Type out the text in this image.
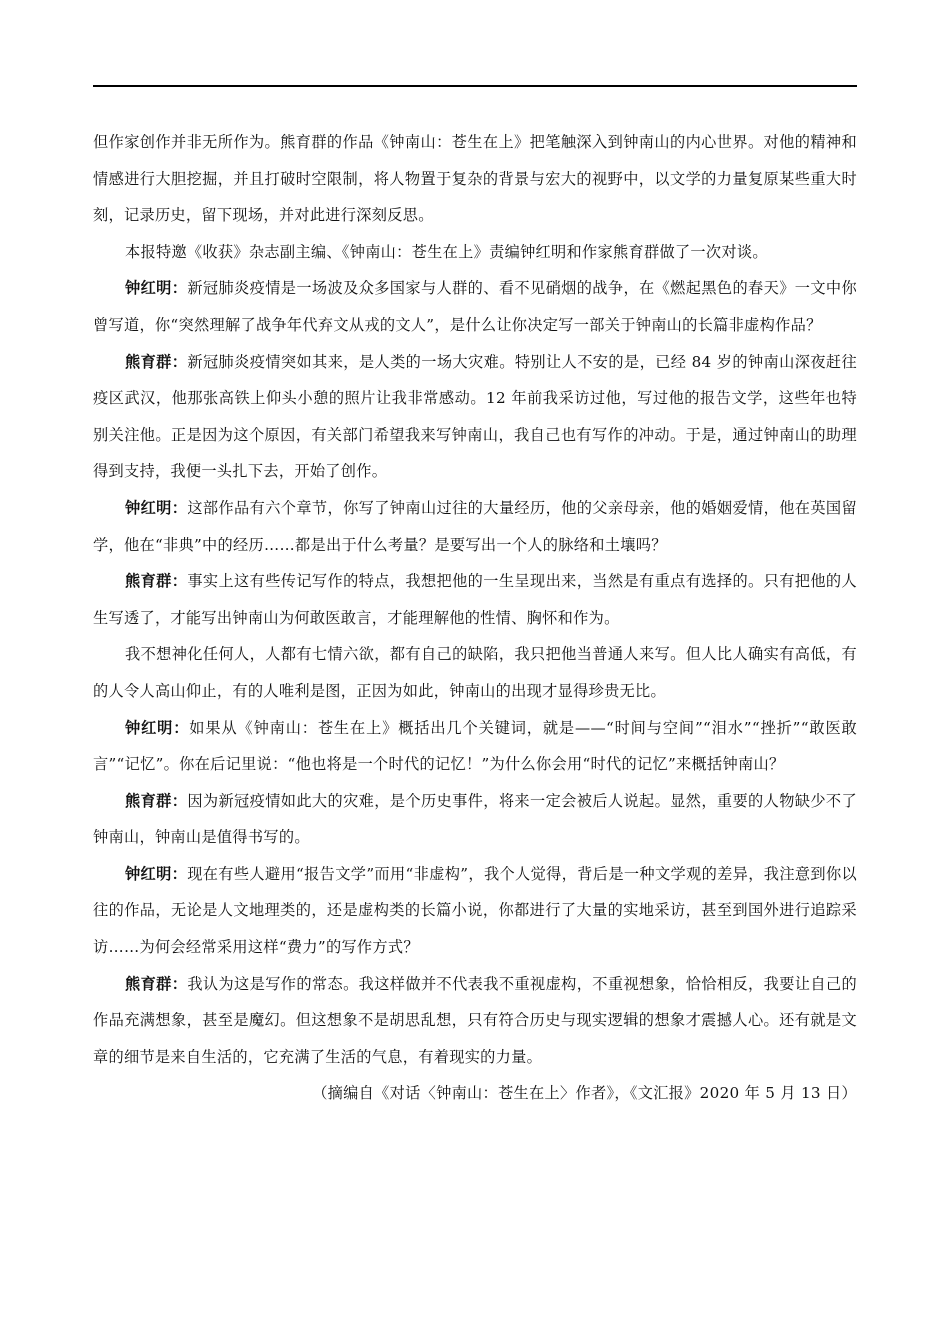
但作家创作并非无所作为。熊育群的作品《钟南山：苍生在上》把笔触深入到钟南山的内心世界。对他的精神和情感进行大胆挖掘，并且打破时空限制，将人物置于复杂的背景与宏大的视野中，以文学的力量复原某些重大时刻，记录历史，留下现场，并对此进行深刻反思。

本报特邀《收获》杂志副主编、《钟南山：苍生在上》责编钟红明和作家熊育群做了一次对谈。

钟红明：新冠肺炎疫情是一场波及众多国家与人群的、看不见硝烟的战争，在《燃起黑色的春天》一文中你曾写道，你“突然理解了战争年代弃文从戎的文人”，是什么让你决定写一部关于钟南山的长篇非虚构作品？

熊育群：新冠肺炎疫情突如其来，是人类的一场大灾难。特别让人不安的是，已经 84 岁的钟南山深夜赶往疫区武汉，他那张高铁上仰头小憩的照片让我非常感动。12 年前我采访过他，写过他的报告文学，这些年也特别关注他。正是因为这个原因，有关部门希望我来写钟南山，我自己也有写作的冲动。于是，通过钟南山的助理得到支持，我便一头扎下去，开始了创作。

钟红明：这部作品有六个章节，你写了钟南山过往的大量经历，他的父亲母亲，他的婚姻爱情，他在英国留学，他在“非典”中的经历……都是出于什么考量？是要写出一个人的脉络和土壤吗？

熊育群：事实上这有些传记写作的特点，我想把他的一生呈现出来，当然是有重点有选择的。只有把他的人生写透了，才能写出钟南山为何敢医敢言，才能理解他的性情、胸怀和作为。

我不想神化任何人，人都有七情六欲，都有自己的缺陷，我只把他当普通人来写。但人比人确实有高低，有的人令人高山仰止，有的人唯利是图，正因为如此，钟南山的出现才显得珍贵无比。

钟红明：如果从《钟南山：苍生在上》概括出几个关键词，就是——“时间与空间”“泪水”“挫折”“敢医敢言”“记忆”。你在后记里说：“他也将是一个时代的记忆！”为什么你会用“时代的记忆”来概括钟南山？

熊育群：因为新冠疫情如此大的灾难，是个历史事件，将来一定会被后人说起。显然，重要的人物缺少不了钟南山，钟南山是值得书写的。

钟红明：现在有些人避用“报告文学”而用“非虚构”，我个人觉得，背后是一种文学观的差异，我注意到你以往的作品，无论是人文地理类的，还是虚构类的长篇小说，你都进行了大量的实地采访，甚至到国外进行追踪采访……为何会经常采用这样“费力”的写作方式？

熊育群：我认为这是写作的常态。我这样做并不代表我不重视虚构，不重视想象，恰恰相反，我要让自己的作品充满想象，甚至是魔幻。但这想象不是胡思乱想，只有符合历史与现实逻辑的想象才震撼人心。还有就是文章的细节是来自生活的，它充满了生活的气息，有着现实的力量。

（摘编自《对话〈钟南山：苍生在上〉作者》，《文汇报》2020 年 5 月 13 日）
